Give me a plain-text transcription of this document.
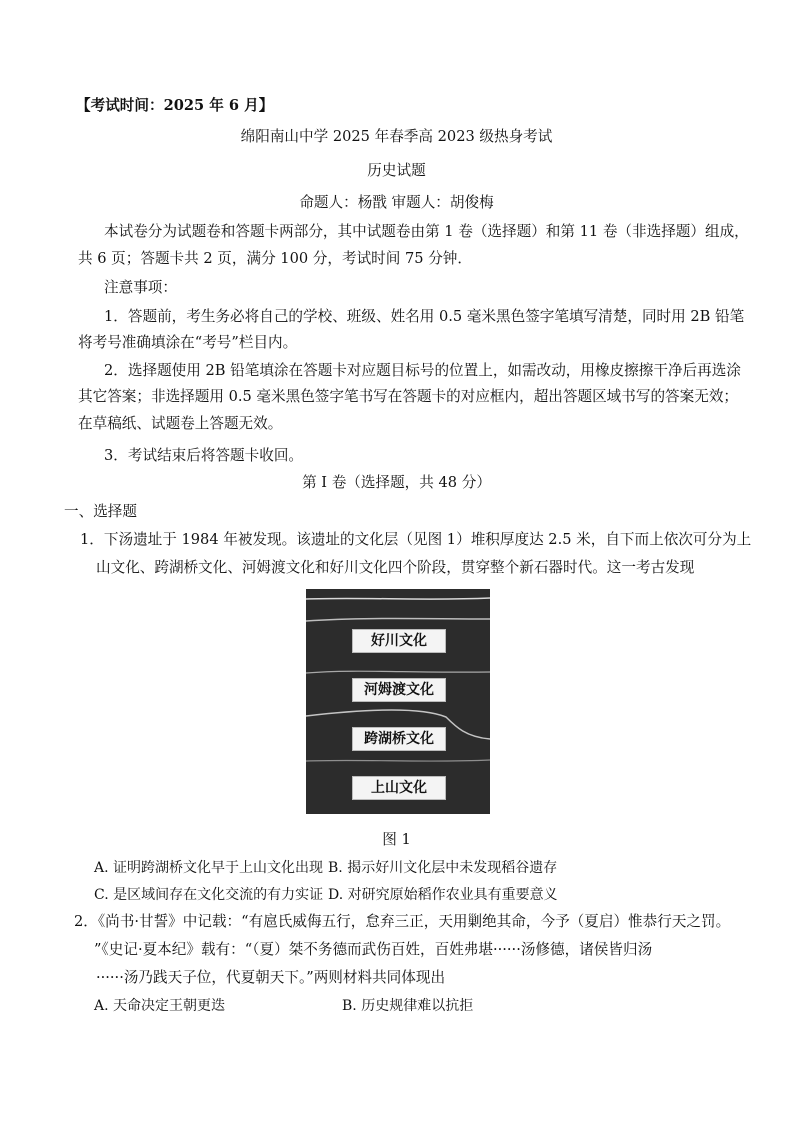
【考试时间：2025 年 6 月】
绵阳南山中学 2025 年春季高 2023 级热身考试
历史试题
命题人：杨戬 审题人：胡俊梅
本试卷分为试题卷和答题卡两部分，其中试题卷由第 1 卷（选择题）和第 11 卷（非选择题）组成，
共 6 页；答题卡共 2 页，满分 100 分，考试时间 75 分钟．
注意事项：
1．答题前，考生务必将自己的学校、班级、姓名用 0.5 毫米黑色签字笔填写清楚，同时用 2B 铅笔
将考号准确填涂在“考号”栏目内。
2．选择题使用 2B 铅笔填涂在答题卡对应题目标号的位置上，如需改动，用橡皮擦擦干净后再选涂
其它答案；非选择题用 0.5 毫米黑色签字笔书写在答题卡的对应框内，超出答题区域书写的答案无效；
在草稿纸、试题卷上答题无效。
3．考试结束后将答题卡收回。
第 I 卷（选择题，共 48 分）
一、选择题
1．下汤遗址于 1984 年被发现。该遗址的文化层（见图 1）堆积厚度达 2.5 米，自下而上依次可分为上
山文化、跨湖桥文化、河姆渡文化和好川文化四个阶段，贯穿整个新石器时代。这一考古发现
好川文化
河姆渡文化
跨湖桥文化
上山文化
图 1
A. 证明跨湖桥文化早于上山文化出现 B. 揭示好川文化层中未发现稻谷遗存
C. 是区域间存在文化交流的有力实证 D. 对研究原始稻作农业具有重要意义
2．《尚书·甘誓》中记载：“有扈氏威侮五行，怠弃三正，天用剿绝其命，今予（夏启）惟恭行天之罚。
”《史记·夏本纪》载有：“（夏）桀不务德而武伤百姓，百姓弗堪······汤修德，诸侯皆归汤
······汤乃践天子位，代夏朝天下。”两则材料共同体现出
A. 天命决定王朝更迭	B. 历史规律难以抗拒
